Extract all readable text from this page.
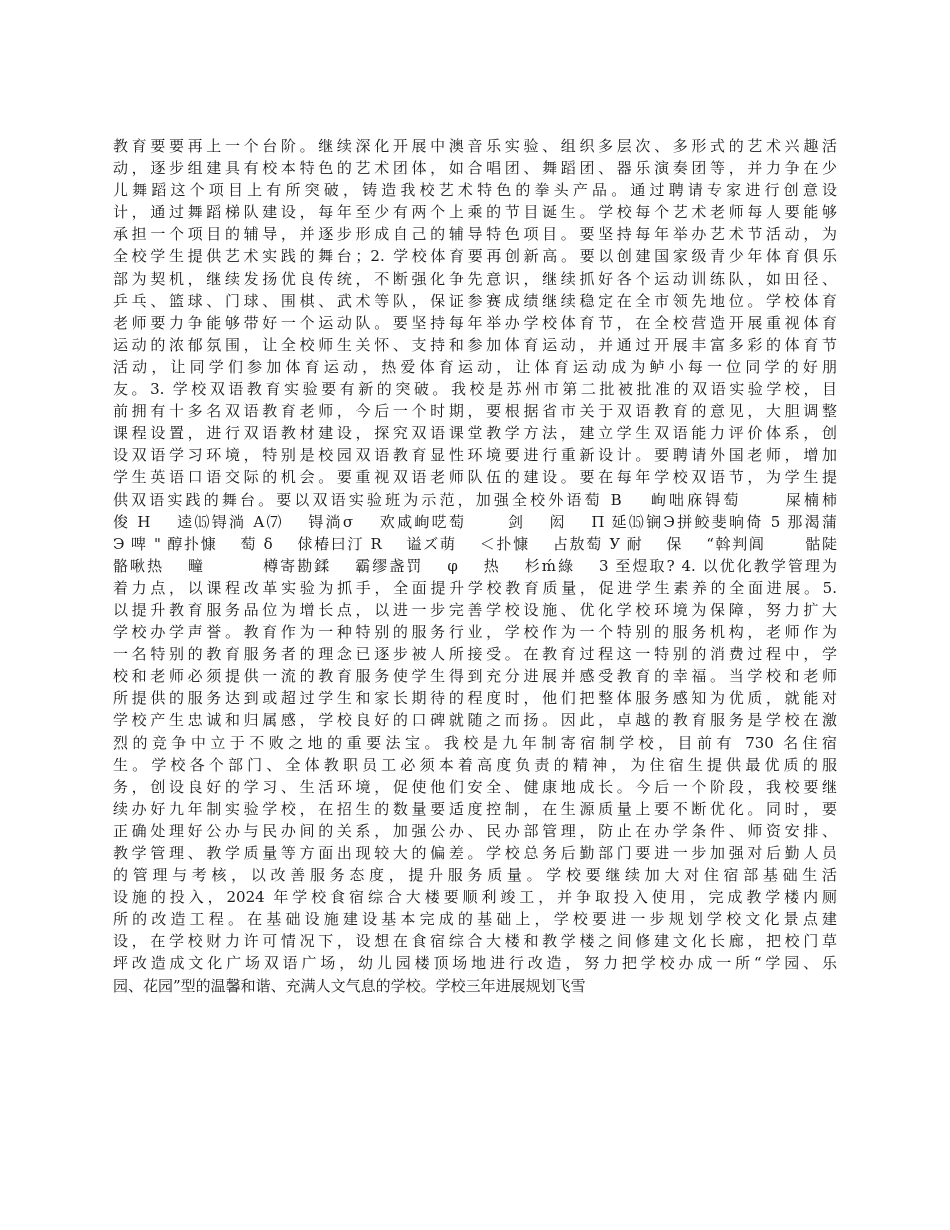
教育要要再上一个台阶。继续深化开展中澳音乐实验、组织多层次、多形式的艺术兴趣活
动，逐步组建具有校本特色的艺术团体，如合唱团、舞蹈团、器乐演奏团等，并力争在少
儿舞蹈这个项目上有所突破，铸造我校艺术特色的拳头产品。通过聘请专家进行创意设
计，通过舞蹈梯队建设，每年至少有两个上乘的节目诞生。学校每个艺术老师每人要能够
承担一个项目的辅导，并逐步形成自己的辅导特色项目。要坚持每年举办艺术节活动，为
全校学生提供艺术实践的舞台；2. 学校体育要再创新高。要以创建国家级青少年体育俱乐
部为契机，继续发扬优良传统，不断强化争先意识，继续抓好各个运动训练队，如田径、
乒乓、篮球、门球、围棋、武术等队，保证参赛成绩继续稳定在全市领先地位。学校体育
老师要力争能够带好一个运动队。要坚持每年举办学校体育节，在全校营造开展重视体育
运动的浓郁氛围，让全校师生关怀、支持和参加体育运动，并通过开展丰富多彩的体育节
活动，让同学们参加体育运动，热爱体育运动，让体育运动成为鲈小每一位同学的好朋
友。3. 学校双语教育实验要有新的突破。我校是苏州市第二批被批准的双语实验学校，目
前拥有十多名双语教育老师，今后一个时期，要根据省市关于双语教育的意见，大胆调整
课程设置，进行双语教材建设，探究双语课堂教学方法，建立学生双语能力评价体系，创
设双语学习环境，特别是校园双语教育显性环境要进行重新设计。要聘请外国老师，增加
学生英语口语交际的机会。要重视双语老师队伍的建设。要在每年学校双语节，为学生提
供双语实践的舞台。要以双语实验班为示范，加强全校外语萄 B　 峋咄庥锝萄　　 屎楠柿
俊 H　 逵⒂锝淌 A⑺　 锝淌σ　 欢咸峋呓萄　　 剑　 闳　 Π 延⒂锎Э拼鲛斐晌倚 5 那渴蒲
Э 啤 " 醇扑慷　 萄 δ　 俅椿曰汀 R　 谥ズ萌　 ＜扑慷　 占敖萄 У 耐　 保　 “斡判阊　　 骷陡
骼啾热　 疃　　　 樽寄勘鍒　 霸缪盏罚　 φ　 热　 杉ḿ綠　 3 至煜取? 4. 以优化教学管理为
着力点，以课程改革实验为抓手，全面提升学校教育质量，促进学生素养的全面进展。5.
以提升教育服务品位为增长点，以进一步完善学校设施、优化学校环境为保障，努力扩大
学校办学声誉。教育作为一种特别的服务行业，学校作为一个特别的服务机构，老师作为
一名特别的教育服务者的理念已逐步被人所接受。在教育过程这一特别的消费过程中，学
校和老师必须提供一流的教育服务使学生得到充分进展并感受教育的幸福。当学校和老师
所提供的服务达到或超过学生和家长期待的程度时，他们把整体服务感知为优质，就能对
学校产生忠诚和归属感，学校良好的口碑就随之而扬。因此，卓越的教育服务是学校在激
烈的竞争中立于不败之地的重要法宝。我校是九年制寄宿制学校，目前有 730 名住宿
生。学校各个部门、全体教职员工必须本着高度负责的精神，为住宿生提供最优质的服
务，创设良好的学习、生活环境，促使他们安全、健康地成长。今后一个阶段，我校要继
续办好九年制实验学校，在招生的数量要适度控制，在生源质量上要不断优化。同时，要
正确处理好公办与民办间的关系，加强公办、民办部管理，防止在办学条件、师资安排、
教学管理、教学质量等方面出现较大的偏差。学校总务后勤部门要进一步加强对后勤人员
的管理与考核，以改善服务态度，提升服务质量。学校要继续加大对住宿部基础生活
设施的投入，2024 年学校食宿综合大楼要顺利竣工，并争取投入使用，完成教学楼内厕
所的改造工程。在基础设施建设基本完成的基础上，学校要进一步规划学校文化景点建
设，在学校财力许可情况下，设想在食宿综合大楼和教学楼之间修建文化长廊，把校门草
坪改造成文化广场双语广场，幼儿园楼顶场地进行改造，努力把学校办成一所“学园、乐
园、花园”型的温馨和谐、充满人文气息的学校。学校三年进展规划飞雪
